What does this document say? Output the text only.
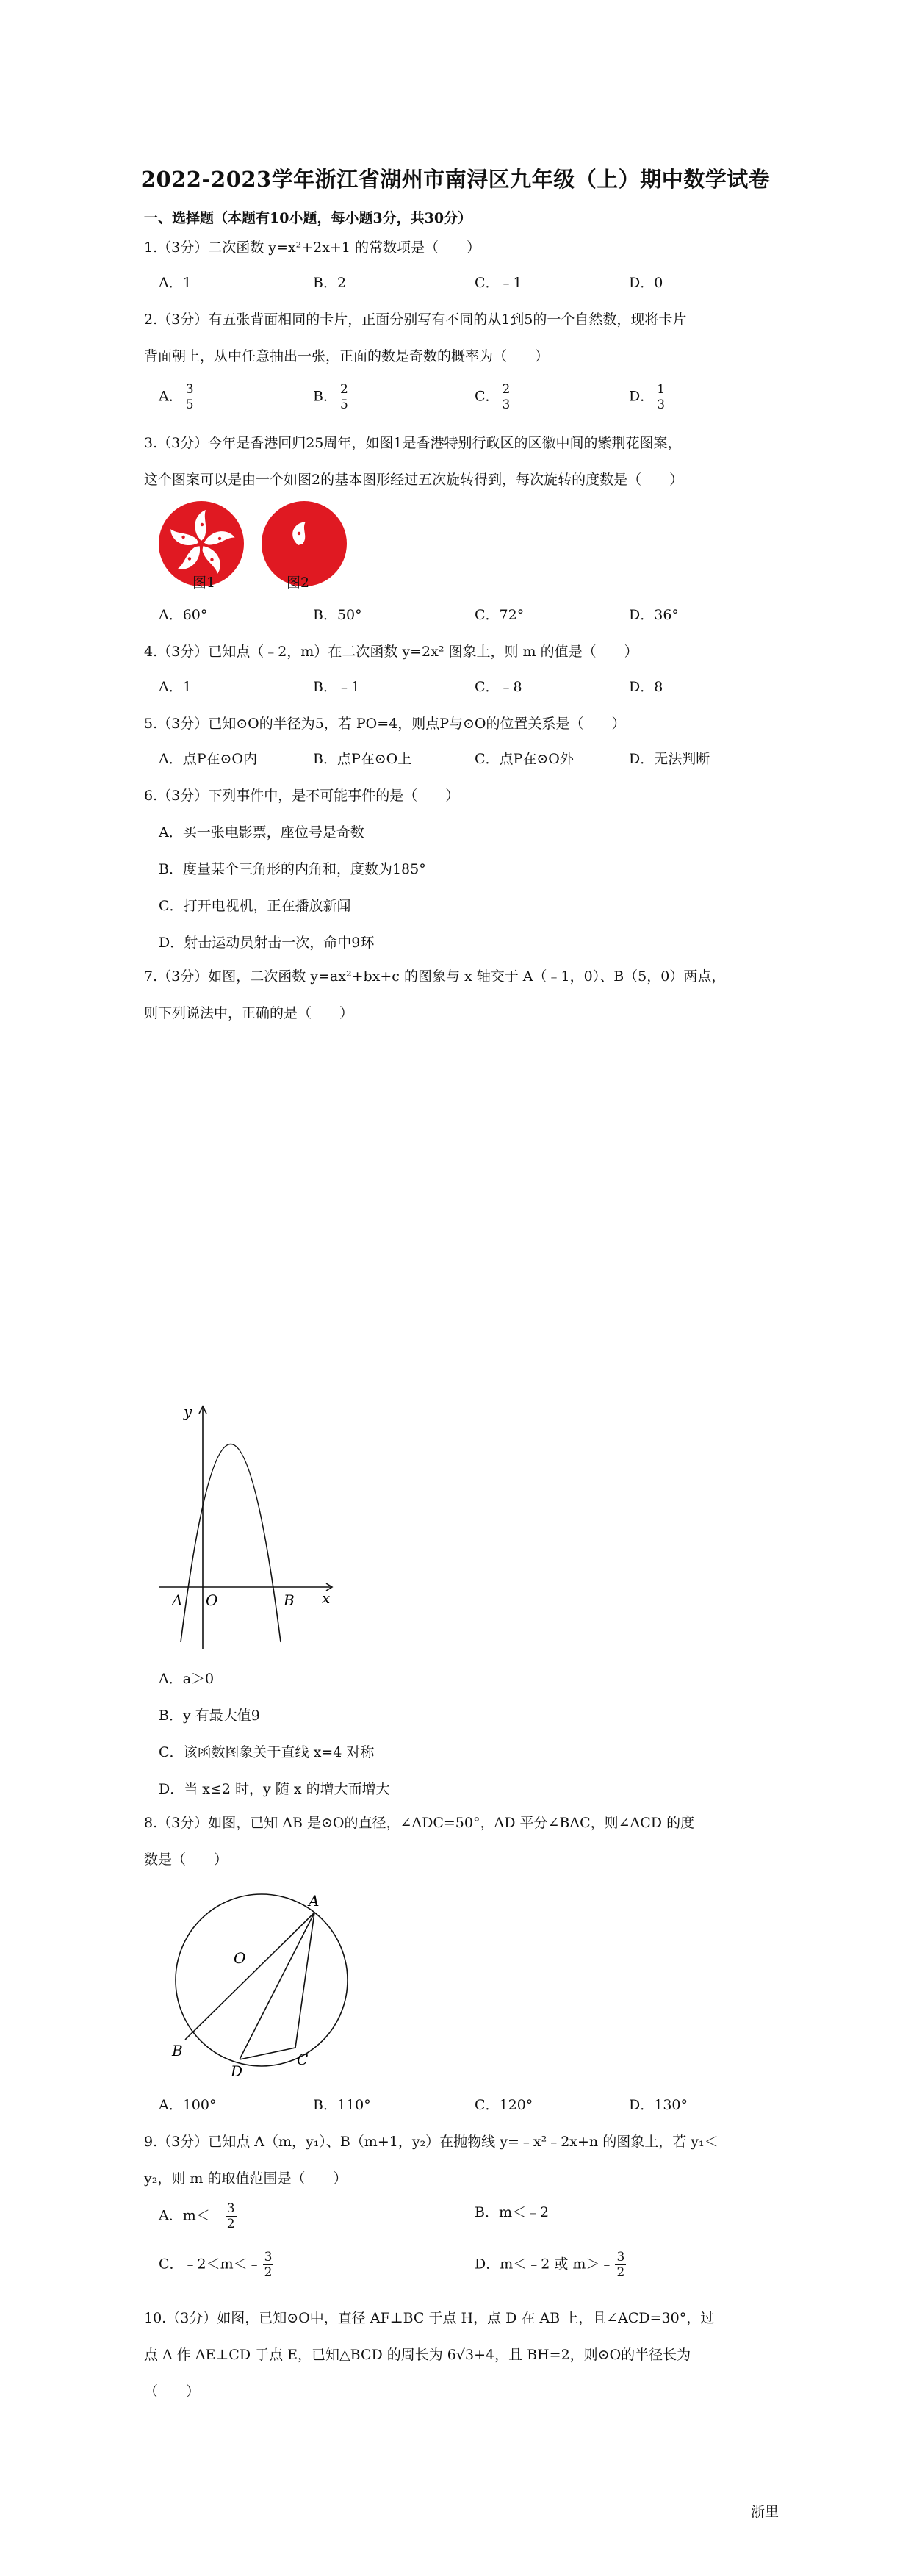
2022-2023学年浙江省湖州市南浔区九年级（上）期中数学试卷
一、选择题（本题有10小题，每小题3分，共30分）

1.（3分）二次函数 y=x²+2x+1 的常数项是（　　）

A．1	B．2	C．﹣1	D．0

2.（3分）有五张背面相同的卡片，正面分别写有不同的从1到5的一个自然数，现将卡片

背面朝上，从中任意抽出一张，正面的数是奇数的概率为（　　）

A． $\frac{3}{5}$	B． $\frac{2}{5}$	C． $\frac{2}{3}$	D． $\frac{1}{3}$

3.（3分）今年是香港回归25周年，如图1是香港特别行政区的区徽中间的紫荆花图案，

这个图案可以是由一个如图2的基本图形经过五次旋转得到，每次旋转的度数是（　　）

图1	图2
A．60°	B．50°	C．72°	D．36°

4.（3分）已知点（﹣2，m）在二次函数 y=2x² 图象上，则 m 的值是（　　）

A．1	B．﹣1	C．﹣8	D．8

5.（3分）已知⊙O的半径为5，若 PO=4，则点P与⊙O的位置关系是（　　）

A．点P在⊙O内	B．点P在⊙O上	C．点P在⊙O外	D．无法判断

6.（3分）下列事件中，是不可能事件的是（　　）

A．买一张电影票，座位号是奇数
B．度量某个三角形的内角和，度数为185°
C．打开电视机，正在播放新闻
D．射击运动员射击一次，命中9环

7.（3分）如图，二次函数 y=ax²+bx+c 的图象与 x 轴交于 A（﹣1，0）、B（5，0）两点，

则下列说法中，正确的是（　　）

y
x
A O	B
A．a＞0
B．y 有最大值9
C．该函数图象关于直线 x=4 对称
D．当 x≤2 时，y 随 x 的增大而增大

8.（3分）如图，已知 AB 是⊙O的直径，∠ADC=50°，AD 平分∠BAC，则∠ACD 的度

数是（　　）

A
O
B
D
C
A．100°	B．110°	C．120°	D．130°

9.（3分）已知点 A（m，y₁）、B（m+1，y₂）在抛物线 y=﹣x²﹣2x+n 的图象上，若 y₁＜

y₂，则 m 的取值范围是（　　）

A．m＜﹣ $\frac{3}{2}$	B．m＜﹣2
C．﹣2＜m＜﹣ $\frac{3}{2}$	D．m＜﹣2 或 m＞﹣ $\frac{3}{2}$

10.（3分）如图，已知⊙O中，直径 AF⊥BC 于点 H，点 D 在 AB 上，且∠ACD=30°，过

点 A 作 AE⊥CD 于点 E，已知△BCD 的周长为 6√3+4，且 BH=2，则⊙O的半径长为

（　　）

浙里
